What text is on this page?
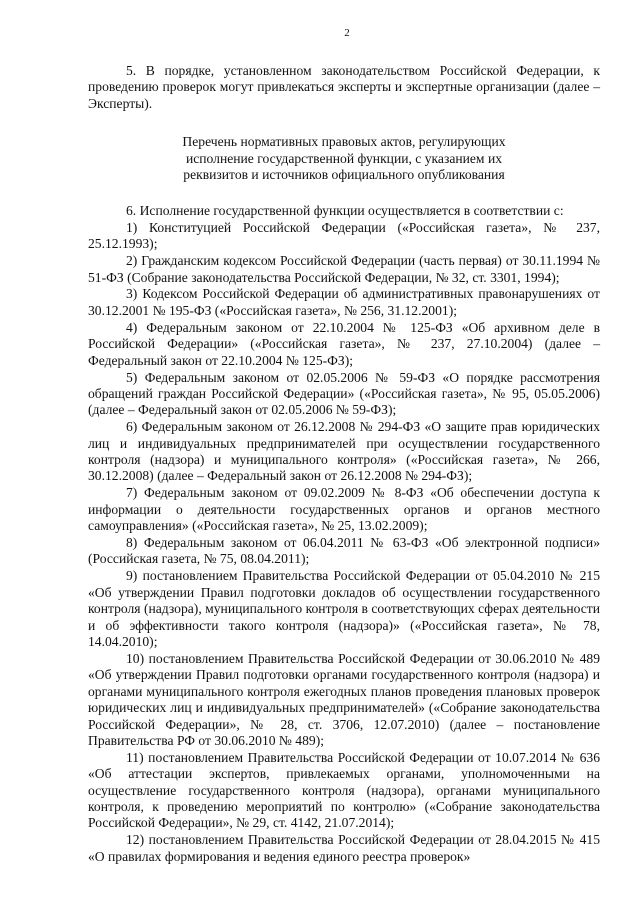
2

5. В порядке, установленном законодательством Российской Федерации, к проведению проверок могут привлекаться эксперты и экспертные организации (далее – Эксперты).

Перечень нормативных правовых актов, регулирующих
исполнение государственной функции, с указанием их
реквизитов и источников официального опубликования

6. Исполнение государственной функции осуществляется в соответствии с:

1) Конституцией Российской Федерации («Российская газета», № 237, 25.12.1993);

2) Гражданским кодексом Российской Федерации (часть первая) от 30.11.1994 № 51-ФЗ (Собрание законодательства Российской Федерации, № 32, ст. 3301, 1994);

3) Кодексом Российской Федерации об административных правонарушениях от 30.12.2001 № 195-ФЗ («Российская газета», № 256, 31.12.2001);

4) Федеральным законом от 22.10.2004 № 125-ФЗ «Об архивном деле в Российской Федерации» («Российская газета», № 237, 27.10.2004) (далее – Федеральный закон от 22.10.2004 № 125-ФЗ);

5) Федеральным законом от 02.05.2006 № 59-ФЗ «О порядке рассмотрения обращений граждан Российской Федерации» («Российская газета», № 95, 05.05.2006) (далее – Федеральный закон от 02.05.2006 № 59-ФЗ);

6) Федеральным законом от 26.12.2008 № 294-ФЗ «О защите прав юридических лиц и индивидуальных предпринимателей при осуществлении государственного контроля (надзора) и муниципального контроля» («Российская газета», № 266, 30.12.2008) (далее – Федеральный закон от 26.12.2008 № 294-ФЗ);

7) Федеральным законом от 09.02.2009 № 8-ФЗ «Об обеспечении доступа к информации о деятельности государственных органов и органов местного самоуправления» («Российская газета», № 25, 13.02.2009);

8) Федеральным законом от 06.04.2011 № 63-ФЗ «Об электронной подписи» (Российская газета, № 75, 08.04.2011);

9) постановлением Правительства Российской Федерации от 05.04.2010 № 215 «Об утверждении Правил подготовки докладов об осуществлении государственного контроля (надзора), муниципального контроля в соответствующих сферах деятельности и об эффективности такого контроля (надзора)» («Российская газета», № 78, 14.04.2010);

10) постановлением Правительства Российской Федерации от 30.06.2010 № 489 «Об утверждении Правил подготовки органами государственного контроля (надзора) и органами муниципального контроля ежегодных планов проведения плановых проверок юридических лиц и индивидуальных предпринимателей» («Собрание законодательства Российской Федерации», № 28, ст. 3706, 12.07.2010) (далее – постановление Правительства РФ от 30.06.2010 № 489);

11) постановлением Правительства Российской Федерации от 10.07.2014 № 636 «Об аттестации экспертов, привлекаемых органами, уполномоченными на осуществление государственного контроля (надзора), органами муниципального контроля, к проведению мероприятий по контролю» («Собрание законодательства Российской Федерации», № 29, ст. 4142, 21.07.2014);

12) постановлением Правительства Российской Федерации от 28.04.2015 № 415 «О правилах формирования и ведения единого реестра проверок»
